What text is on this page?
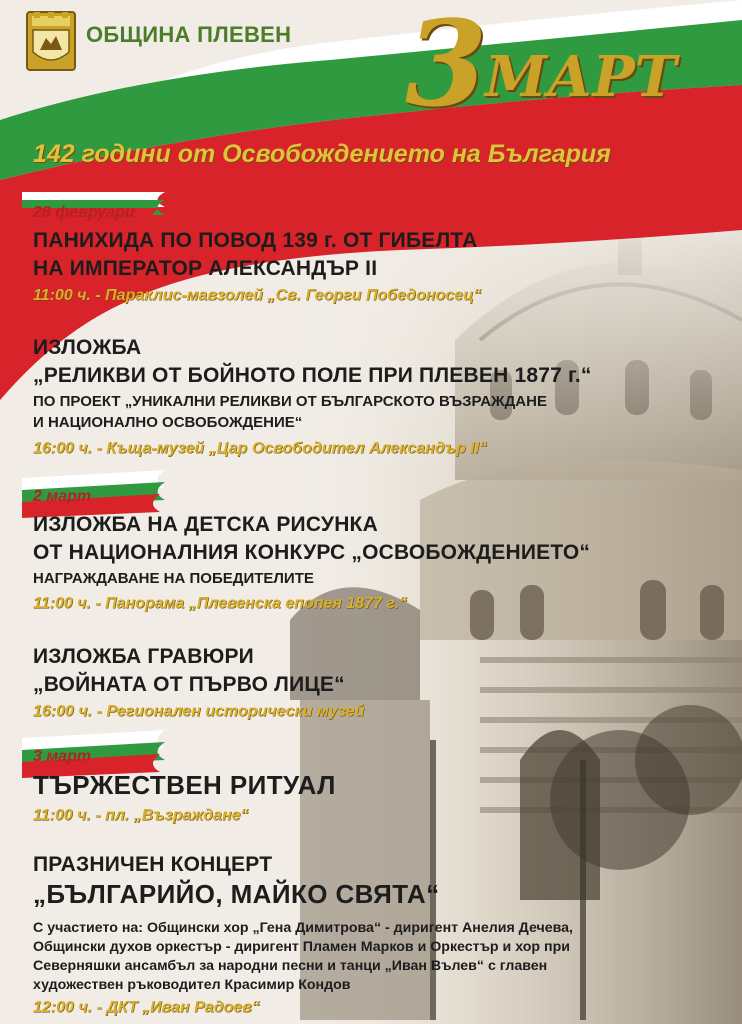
ОБЩИНА ПЛЕВЕН 3
МАРТ
142 години от Освобождението на България
28 февруари
ПАНИХИДА ПО ПОВОД 139 г. ОТ ГИБЕЛТА
НА ИМПЕРАТОР АЛЕКСАНДЪР II
11:00 ч. - Параклис-мавзолей „Св. Георги Победоносец“
ИЗЛОЖБА
„РЕЛИКВИ ОТ БОЙНОТО ПОЛЕ ПРИ ПЛЕВЕН 1877 г.“
ПО ПРОЕКТ „УНИКАЛНИ РЕЛИКВИ ОТ БЪЛГАРСКОТО ВЪЗРАЖДАНЕ
И НАЦИОНАЛНО ОСВОБОЖДЕНИЕ“
16:00 ч. - Къща-музей „Цар Освободител Александър II“
2 март
ИЗЛОЖБА НА ДЕТСКА РИСУНКА
ОТ НАЦИОНАЛНИЯ КОНКУРС „ОСВОБОЖДЕНИЕТО“
НАГРАЖДАВАНЕ НА ПОБЕДИТЕЛИТЕ
11:00 ч. - Панорама „Плевенска епопея 1877 г.“
ИЗЛОЖБА ГРАВЮРИ
„ВОЙНАТА ОТ ПЪРВО ЛИЦЕ“
16:00 ч. - Регионален исторически музей
3 март
ТЪРЖЕСТВЕН РИТУАЛ
11:00 ч. - пл. „Възраждане“
ПРАЗНИЧЕН КОНЦЕРТ
„БЪЛГАРИЙО, МАЙКО СВЯТА“
С участието на: Общински хор „Гена Димитрова“ - диригент Анелия Дечева,
Общински духов оркестър - диригент Пламен Марков и Оркестър и хор при
Северняшки ансамбъл за народни песни и танци „Иван Вълев“ с главен
художествен ръководител Красимир Кондов
12:00 ч. - ДКТ „Иван Радоев“
